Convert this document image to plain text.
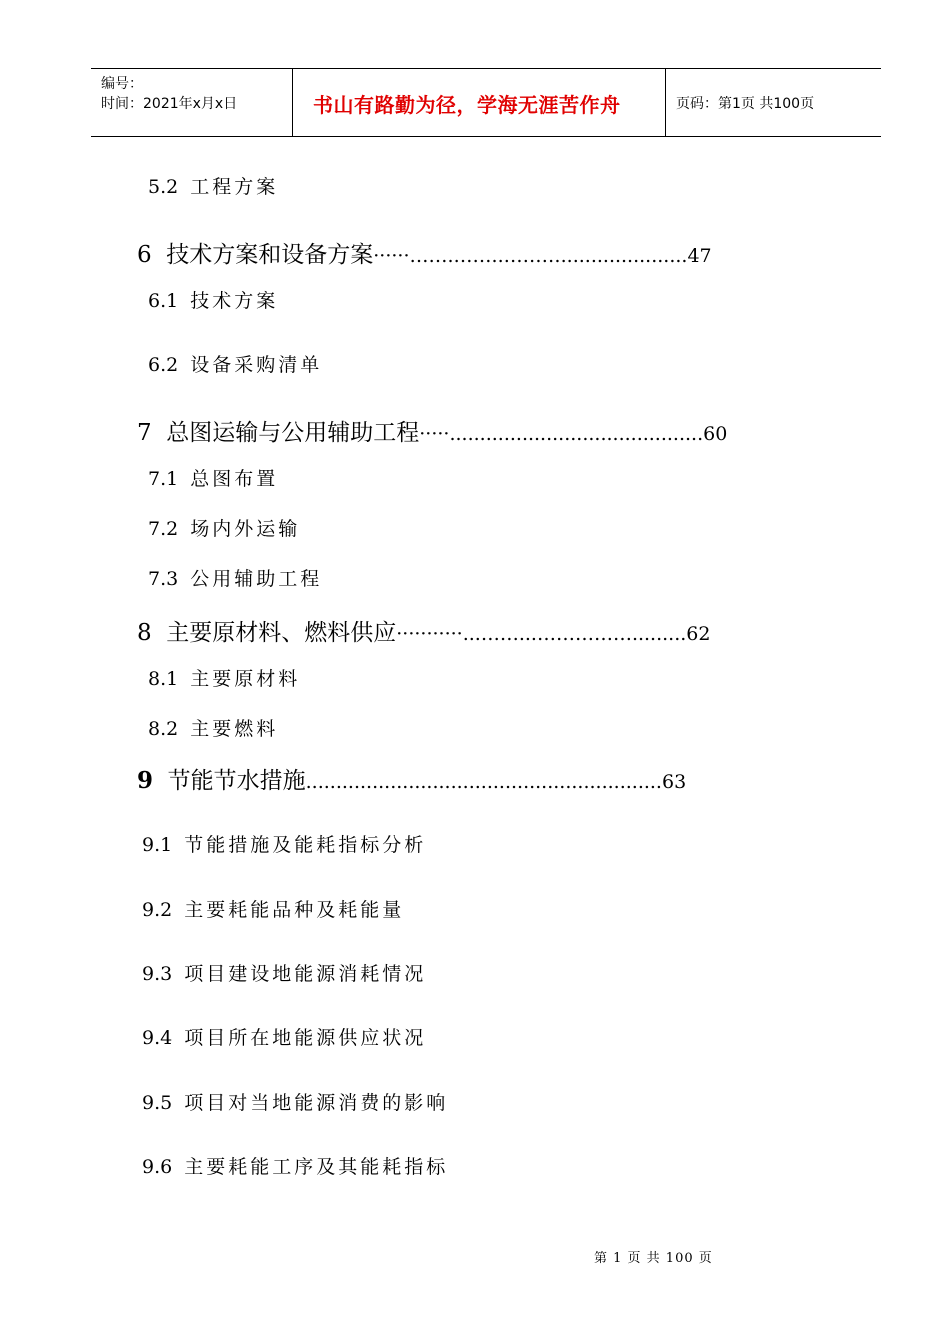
编号：
时间：2021年x月x日	书山有路勤为径，学海无涯苦作舟	页码：第1页 共100页
5.2 工程方案
6 技术方案和设备方案······…….……..……….....................47
6.1 技术方案
6.2 设备采购清单
7 总图运输与公用辅助工程·····..........................................60
7.1 总图布置
7.2 场内外运输
7.3 公用辅助工程
8 主要原材料、燃料供应···········...……...…………….........62
8.1 主要原材料
8.2 主要燃料
9 节能节水措施...........................................................63
9.1 节能措施及能耗指标分析
9.2 主要耗能品种及耗能量
9.3 项目建设地能源消耗情况
9.4 项目所在地能源供应状况
9.5 项目对当地能源消费的影响
9.6 主要耗能工序及其能耗指标
第 1 页 共 100 页
